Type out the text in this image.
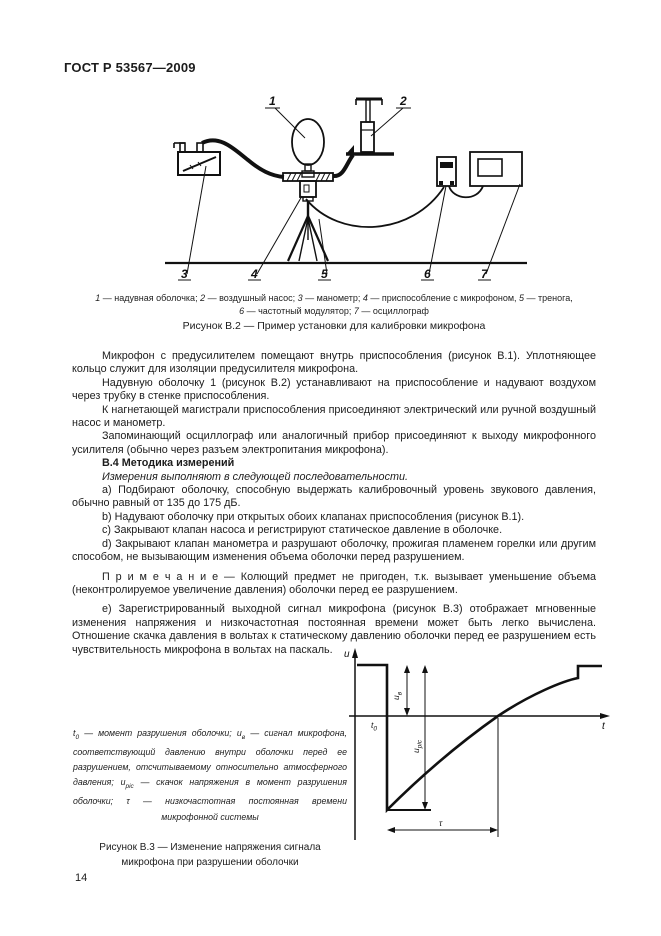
ГОСТ Р 53567—2009
1	2
3	4	5	6	7
1 — надувная оболочка; 2 — воздушный насос; 3 — манометр; 4 — приспособление с микрофоном, 5 — тренога,
6 — частотный модулятор; 7 — осциллограф
Рисунок В.2 — Пример установки для калибровки микрофона

Микрофон с предусилителем помещают внутрь приспособления (рисунок В.1). Уплотняющее кольцо служит для изоляции предусилителя микрофона.

Надувную оболочку 1 (рисунок В.2) устанавливают на приспособление и надувают воздухом через трубку в стенке приспособления.

К нагнетающей магистрали приспособления присоединяют электрический или ручной воздушный насос и манометр.

Запоминающий осциллограф или аналогичный прибор присоединяют к выходу микрофонного усилителя (обычно через разъем электропитания микрофона).

В.4 Методика измерений

Измерения выполняют в следующей последовательности.

a) Подбирают оболочку, способную выдержать калибровочный уровень звукового давления, обычно равный от 135 до 175 дБ.

b) Надувают оболочку при открытых обоих клапанах приспособления (рисунок В.1).

c) Закрывают клапан насоса и регистрируют статическое давление в оболочке.

d) Закрывают клапан манометра и разрушают оболочку, прожигая пламенем горелки или другим способом, не вызывающим изменения объема оболочки перед разрушением.

П р и м е ч а н и е — Колющий предмет не пригоден, т.к. вызывает уменьшение объема (неконтролируемое увеличение давления) оболочки перед ее разрушением.

e) Зарегистрированный выходной сигнал микрофона (рисунок В.3) отображает мгновенные изменения напряжения и низкочастотная постоянная времени может быть легко вычислена. Отношение скачка давления в вольтах к статическому давлению оболочки перед ее разрушением есть чувствительность микрофона в вольтах на паскаль.	u
t
$u_в$
$u_{pic}$
$t_0$
τ
$t_0$ — момент разрушения оболочки; $u_в$ — сигнал микрофона, соответствующий давлению внутри оболочки перед ее разрушением, отсчитываемому относительно атмосферного давления; $u_{pic}$ — скачок напряжения в момент разрушения оболочки; τ — низкочастотная постоянная времени микрофонной системы
Рисунок В.3 — Изменение напряжения сигнала
микрофона при разрушении оболочки
14
